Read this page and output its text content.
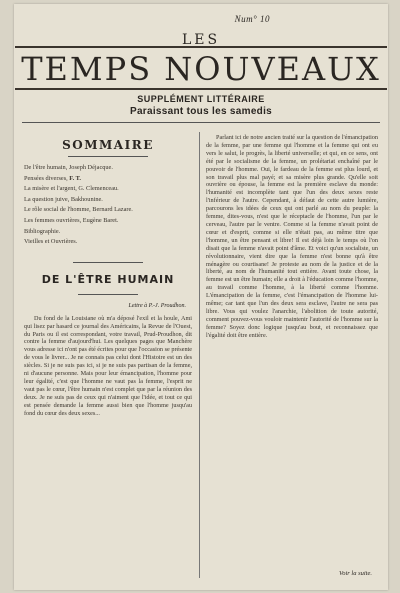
Num° 10
LES
TEMPS NOUVEAUX
SUPPLÉMENT LITTÉRAIRE
Paraissant tous les samedis
SOMMAIRE
De l'être humain, Joseph Déjacque.
Pensées diverses, F. T.
La misère et l'argent, G. Clemenceau.
La question juive, Bakhounine.
Le rôle social de l'homme, Bernard Lazare.
Les femmes ouvrières, Eugène Baret.
Bibliographie.
Vieilles et Ouvrières.
DE L'ÊTRE HUMAIN
Lettre à P.-J. Proudhon.

Du fond de la Louisiane où m'a déposé l'exil et la houle, Ami qui lisez par hasard ce journal des Américains, la Revue de l'Ouest, du Paris ou il est correspondant, votre travail, Prud-Proudhon, dit contre la femme d'aujourd'hui. Les quelques pages que Manchère vous adresse ici n'ont pas été écrites pour que l'occasion se présente de vous le livrer... Je ne connais pas celui dont l'Histoire est un des siècles. Si je ne suis pas ici, si je ne suis pas partisan de la femme, ni d'aucune personne. Mais pour leur émancipation, l'homme pour leur égalité, c'est que l'homme ne vaut pas la femme, l'esprit ne vaut pas le cœur, l'être humain n'est complet que par la réunion des deux. Je ne suis pas de ceux qui n'aiment que l'idée, et tout ce qui est pensée demande la femme aussi bien que l'homme jusqu'au fond du cœur des deux sexes...

Parlant ici de notre ancien traité sur la question de l'émancipation de la femme, par une femme qui l'homme et la femme qui ont eu vers le salut, le progrès, la liberté universelle; et qui, en ce sens, ont été par le socialisme de la femme, un prolétariat enchaîné par le pouvoir de l'homme. Oui, le fardeau de la femme est plus lourd, et son travail plus mal payé; et sa misère plus grande. Qu'elle soit ouvrière ou épouse, la femme est la première esclave du monde: l'humanité est incomplète tant que l'un des deux sexes reste l'inférieur de l'autre. Cependant, à défaut de cette autre lumière, parcourons les idées de ceux qui ont parlé au nom du peuple: la femme, dites-vous, n'est que le réceptacle de l'homme, l'un par le cerveau, l'autre par le ventre. Comme si la femme n'avait point de cœur et d'esprit, comme si elle n'était pas, au même titre que l'homme, un être pensant et libre! Il est déjà loin le temps où l'on disait que la femme n'avait point d'âme. Et voici qu'un socialiste, un révolutionnaire, vient dire que la femme n'est bonne qu'à être ménagère ou courtisane! Je proteste au nom de la justice et de la liberté, au nom de l'humanité tout entière. Avant toute chose, la femme est un être humain; elle a droit à l'éducation comme l'homme, au travail comme l'homme, à la liberté comme l'homme. L'émancipation de la femme, c'est l'émancipation de l'homme lui-même; car tant que l'un des deux sera esclave, l'autre ne sera pas libre. Vous qui voulez l'anarchie, l'abolition de toute autorité, comment pouvez-vous vouloir maintenir l'autorité de l'homme sur la femme? Soyez donc logique jusqu'au bout, et reconnaissez que l'égalité doit être entière.

Voir la suite.
